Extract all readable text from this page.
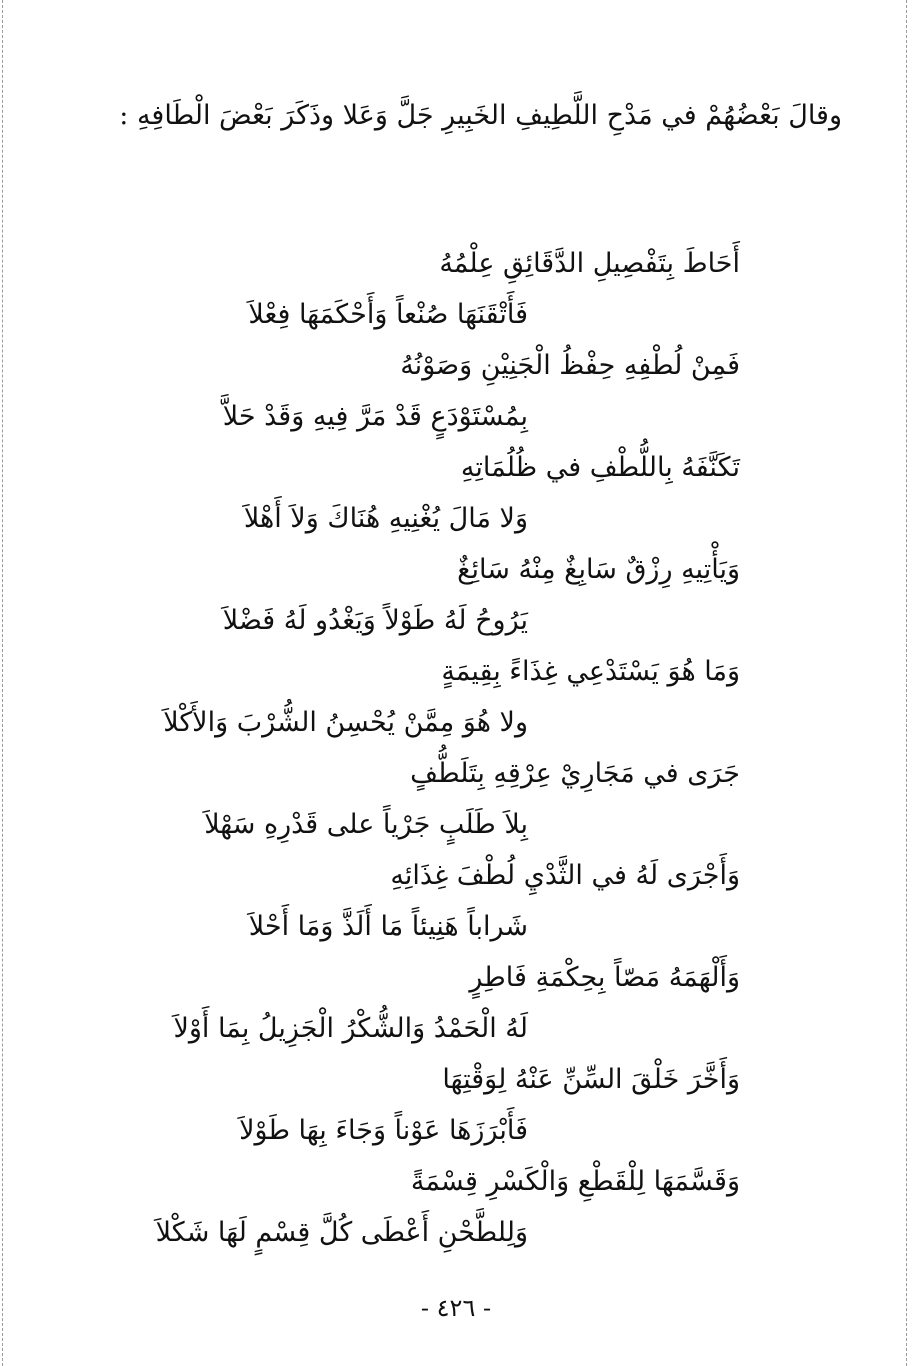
وقالَ بَعْضُهُمْ في مَدْحِ اللَّطِيفِ الخَبِيرِ جَلَّ وَعَلا وذَكَرَ بَعْضَ الْطَافِهِ :

أَحَاطَ بِتَفْصِيلِ الدَّقَائِقِ عِلْمُهُ
فَأَتْقَنَهَا صُنْعاً وَأَحْكَمَهَا فِعْلاَ
فَمِنْ لُطْفِهِ حِفْظُ الْجَنِيْنِ وَصَوْنُهُ
بِمُسْتَوْدَعٍ قَدْ مَرَّ فِيهِ وَقَدْ حَلاَّ
تَكَنَّفَهُ بِاللُّطْفِ في ظُلُمَاتِهِ
وَلا مَالَ يُغْنِيهِ هُنَاكَ وَلاَ أَهْلاَ
وَيَأْتِيهِ رِزْقٌ سَابِغٌ مِنْهُ سَائِغٌ
يَرُوحُ لَهُ طَوْلاً وَيَغْدُو لَهُ فَضْلاَ
وَمَا هُوَ يَسْتَدْعِي غِذَاءً بِقِيمَةٍ
ولا هُوَ مِمَّنْ يُحْسِنُ الشُّرْبَ وَالأَكْلاَ
جَرَى في مَجَارِيْ عِرْقِهِ بِتَلَطُّفٍ
بِلاَ طَلَبٍ جَرْياً على قَدْرِهِ سَهْلاَ
وَأَجْرَى لَهُ في الثَّدْيِ لُطْفَ غِذَائِهِ
شَراباً هَنِيئاً مَا أَلَذَّ وَمَا أَحْلاَ
وَأَلْهَمَهُ مَصّاً بِحِكْمَةِ فَاطِرٍ
لَهُ الْحَمْدُ وَالشُّكْرُ الْجَزِيلُ بِمَا أَوْلاَ
وَأَخَّرَ خَلْقَ السِّنِّ عَنْهُ لِوَقْتِهَا
فَأَبْرَزَهَا عَوْناً وَجَاءَ بِهَا طَوْلاَ
وَقَسَّمَهَا لِلْقَطْعِ وَالْكَسْرِ قِسْمَةً
وَلِلطَّحْنِ أَعْطَى كُلَّ قِسْمٍ لَهَا شَكْلاَ
- ٤٢٦ -
